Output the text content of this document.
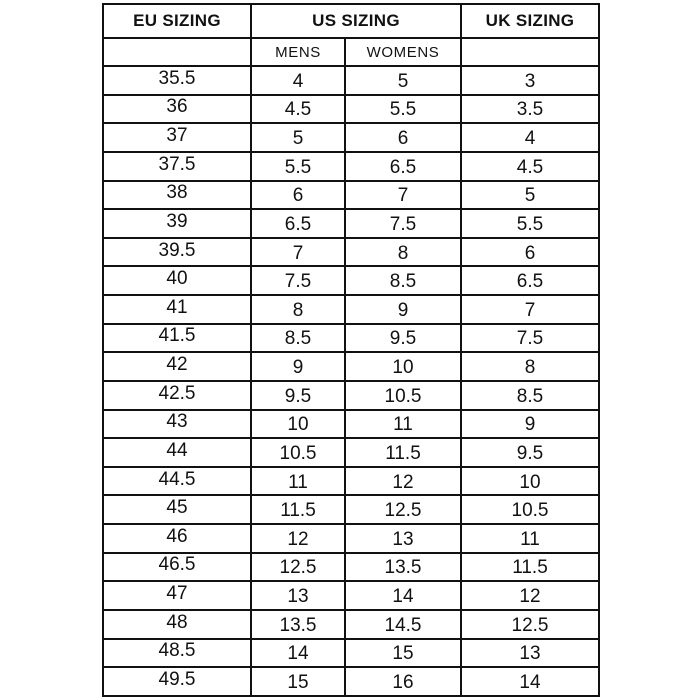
EU SIZING	US SIZING		UK SIZING
	MENS	WOMENS	
35.5	4	5	3
36	4.5	5.5	3.5
37	5	6	4
37.5	5.5	6.5	4.5
38	6	7	5
39	6.5	7.5	5.5
39.5	7	8	6
40	7.5	8.5	6.5
41	8	9	7
41.5	8.5	9.5	7.5
42	9	10	8
42.5	9.5	10.5	8.5
43	10	11	9
44	10.5	11.5	9.5
44.5	11	12	10
45	11.5	12.5	10.5
46	12	13	11
46.5	12.5	13.5	11.5
47	13	14	12
48	13.5	14.5	12.5
48.5	14	15	13
49.5	15	16	14
